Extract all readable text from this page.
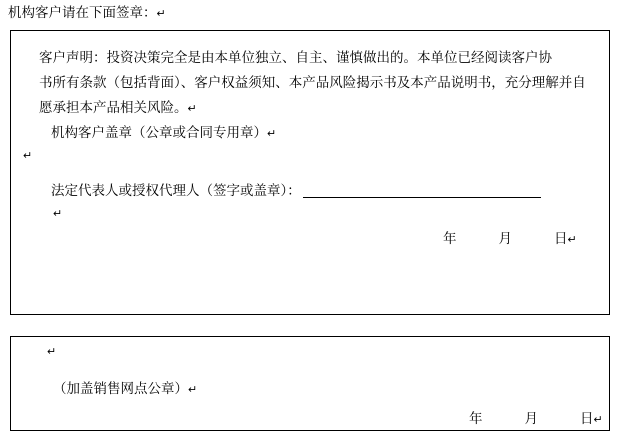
机构客户请在下面签章：↵
客户声明：投资决策完全是由本单位独立、自主、谨慎做出的。本单位已经阅读客户协
书所有条款（包括背面）、客户权益须知、本产品风险揭示书及本产品说明书，充分理解并自
愿承担本产品相关风险。↵
机构客户盖章（公章或合同专用章）↵
↵
法定代表人或授权代理人（签字或盖章）：
↵
年	月	日↵
↵
（加盖销售网点公章）↵
年	月	日↵
